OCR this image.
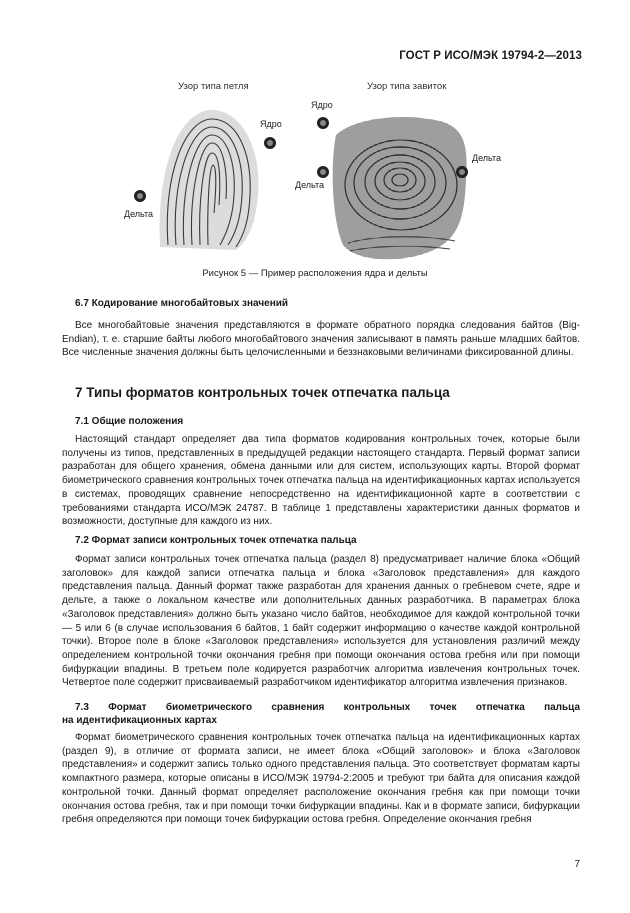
ГОСТ Р ИСО/МЭК 19794-2—2013
Узор типа петля	Узор типа завиток
Ядро
Дельта
Ядро
Дельта
Дельта
Рисунок 5 — Пример расположения ядра и дельты
6.7 Кодирование многобайтовых значений

Все многобайтовые значения представляются в формате обратного порядка следования байтов (Big-Endian), т. е. старшие байты любого многобайтового значения записывают в память раньше младших байтов. Все численные значения должны быть целочисленными и беззнаковыми величинами фиксированной длины.

7 Типы форматов контрольных точек отпечатка пальца
7.1 Общие положения

Настоящий стандарт определяет два типа форматов кодирования контрольных точек, которые были получены из типов, представленных в предыдущей редакции настоящего стандарта. Первый формат записи разработан для общего хранения, обмена данными или для систем, использующих карты. Второй формат биометрического сравнения контрольных точек отпечатка пальца на идентификационных картах используется в системах, проводящих сравнение непосредственно на идентификационной карте в соответствии с требованиями стандарта ИСО/МЭК 24787. В таблице 1 представлены характеристики данных форматов и возможности, доступные для каждого из них.

7.2 Формат записи контрольных точек отпечатка пальца

Формат записи контрольных точек отпечатка пальца (раздел 8) предусматривает наличие блока «Общий заголовок» для каждой записи отпечатка пальца и блока «Заголовок представления» для каждого представления пальца. Данный формат также разработан для хранения данных о гребневом счете, ядре и дельте, а также о локальном качестве или дополнительных данных разработчика. В параметрах блока «Заголовок представления» должно быть указано число байтов, необходимое для каждой контрольной точки — 5 или 6 (в случае использования 6 байтов, 1 байт содержит информацию о качестве каждой контрольной точки). Второе поле в блоке «Заголовок представления» используется для установления различий между определением контрольной точки окончания гребня при помощи окончания остова гребня или при помощи бифуркации впадины. В третьем поле кодируется разработчик алгоритма извлечения контрольных точек. Четвертое поле содержит присваиваемый разработчиком идентификатор алгоритма извлечения признаков.

7.3 Формат биометрического сравнения контрольных точек отпечатка пальца
на идентификационных картах

Формат биометрического сравнения контрольных точек отпечатка пальца на идентификационных картах (раздел 9), в отличие от формата записи, не имеет блока «Общий заголовок» и блока «Заголовок представления» и содержит запись только одного представления пальца. Это соответствует форматам карты компактного размера, которые описаны в ИСО/МЭК 19794-2:2005 и требуют три байта для описания каждой контрольной точки. Данный формат определяет расположение окончания гребня как при помощи точки окончания остова гребня, так и при помощи точки бифуркации впадины. Как и в формате записи, бифуркации гребня определяются при помощи точек бифуркации остова гребня. Определение окончания гребня

7
